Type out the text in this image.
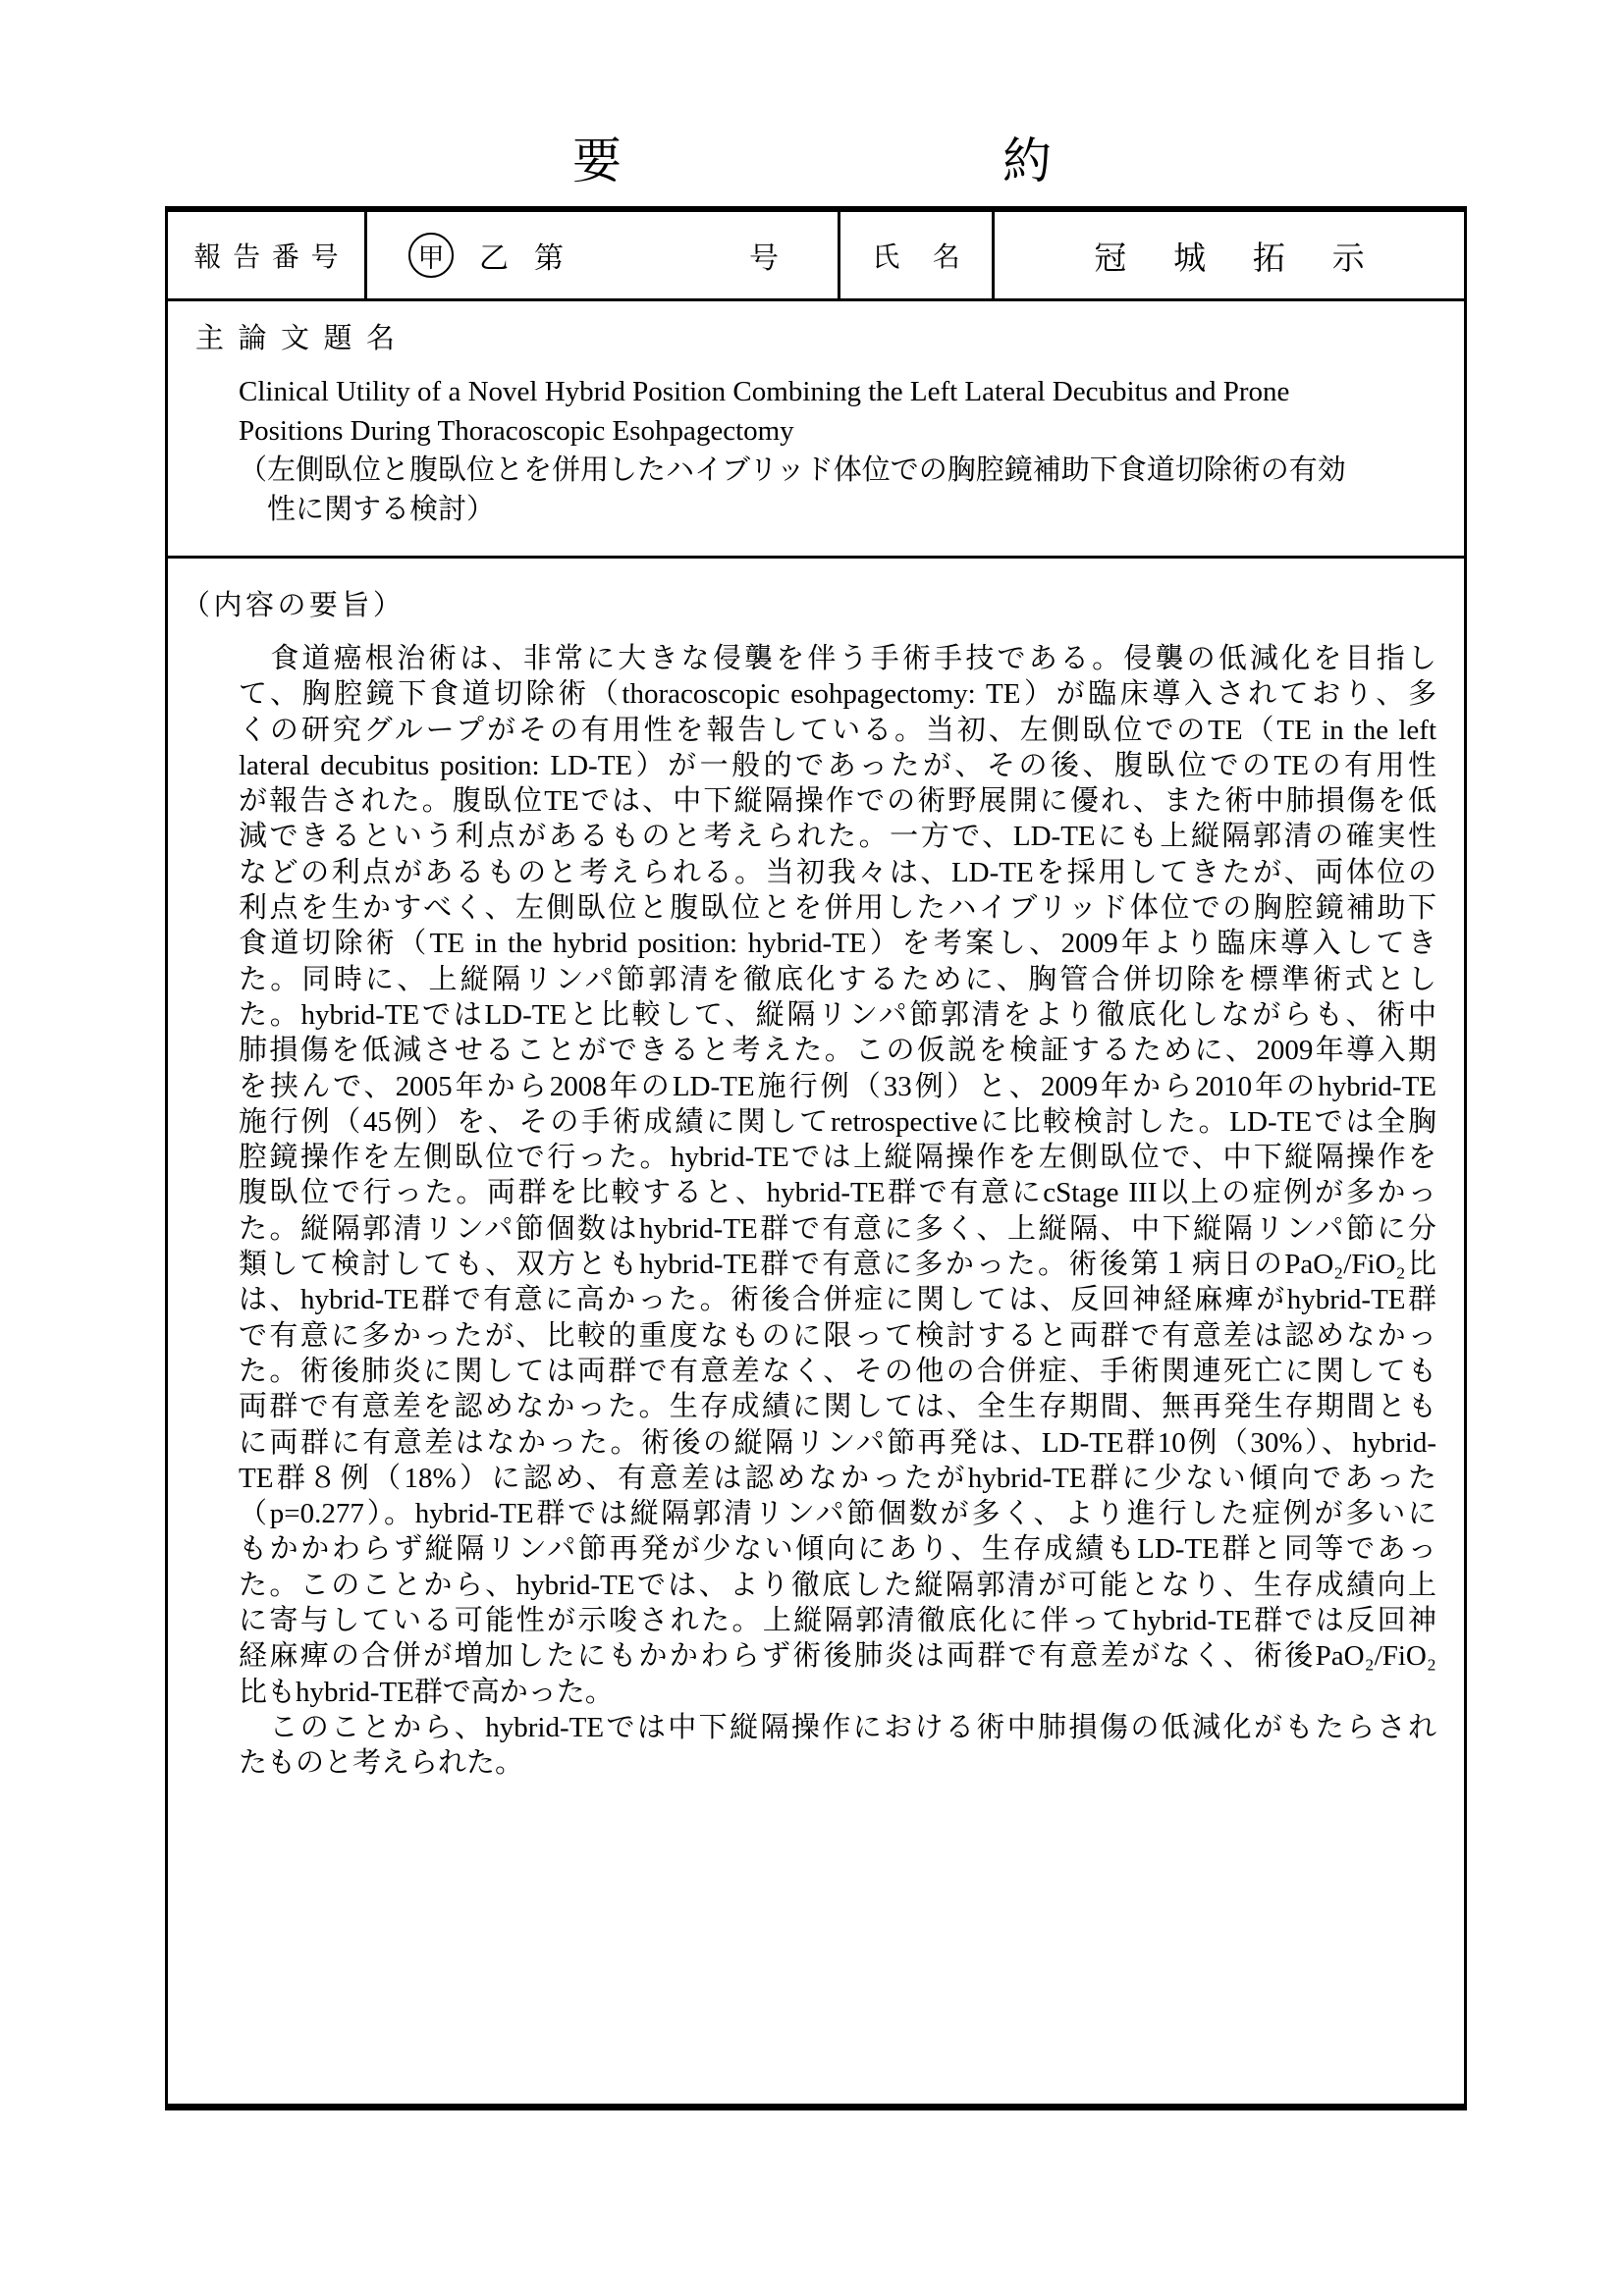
要	約
報告番号	甲 乙 第	号	氏名	冠城拓示
主論文題名
Clinical Utility of a Novel Hybrid Position Combining the Left Lateral Decubitus and Prone
Positions During Thoracoscopic Esohpagectomy
（左側臥位と腹臥位とを併用したハイブリッド体位での胸腔鏡補助下食道切除術の有効
性に関する検討）
（内容の要旨）
　食道癌根治術は、非常に大きな侵襲を伴う手術手技である。侵襲の低減化を目指し
て、胸腔鏡下食道切除術（thoracoscopic esohpagectomy: TE）が臨床導入されており、多
くの研究グループがその有用性を報告している。当初、左側臥位でのTE（TE in the left
lateral decubitus position: LD-TE）が一般的であったが、その後、腹臥位でのTEの有用性
が報告された。腹臥位TEでは、中下縦隔操作での術野展開に優れ、また術中肺損傷を低
減できるという利点があるものと考えられた。一方で、LD-TEにも上縦隔郭清の確実性
などの利点があるものと考えられる。当初我々は、LD-TEを採用してきたが、両体位の
利点を生かすべく、左側臥位と腹臥位とを併用したハイブリッド体位での胸腔鏡補助下
食道切除術（TE in the hybrid position: hybrid-TE）を考案し、2009年より臨床導入してき
た。同時に、上縦隔リンパ節郭清を徹底化するために、胸管合併切除を標準術式とし
た。hybrid-TEではLD-TEと比較して、縦隔リンパ節郭清をより徹底化しながらも、術中
肺損傷を低減させることができると考えた。この仮説を検証するために、2009年導入期
を挟んで、2005年から2008年のLD-TE施行例（33例）と、2009年から2010年のhybrid-TE
施行例（45例）を、その手術成績に関してretrospectiveに比較検討した。LD-TEでは全胸
腔鏡操作を左側臥位で行った。hybrid-TEでは上縦隔操作を左側臥位で、中下縦隔操作を
腹臥位で行った。両群を比較すると、hybrid-TE群で有意にcStage III以上の症例が多かっ
た。縦隔郭清リンパ節個数はhybrid-TE群で有意に多く、上縦隔、中下縦隔リンパ節に分
類して検討しても、双方ともhybrid-TE群で有意に多かった。術後第１病日のPaO₂/FiO₂比
は、hybrid-TE群で有意に高かった。術後合併症に関しては、反回神経麻痺がhybrid-TE群
で有意に多かったが、比較的重度なものに限って検討すると両群で有意差は認めなかっ
た。術後肺炎に関しては両群で有意差なく、その他の合併症、手術関連死亡に関しても
両群で有意差を認めなかった。生存成績に関しては、全生存期間、無再発生存期間とも
に両群に有意差はなかった。術後の縦隔リンパ節再発は、LD-TE群10例（30%）、hybrid-
TE群８例（18%）に認め、有意差は認めなかったがhybrid-TE群に少ない傾向であった
（p=0.277）。hybrid-TE群では縦隔郭清リンパ節個数が多く、より進行した症例が多いに
もかかわらず縦隔リンパ節再発が少ない傾向にあり、生存成績もLD-TE群と同等であっ
た。このことから、hybrid-TEでは、より徹底した縦隔郭清が可能となり、生存成績向上
に寄与している可能性が示唆された。上縦隔郭清徹底化に伴ってhybrid-TE群では反回神
経麻痺の合併が増加したにもかかわらず術後肺炎は両群で有意差がなく、術後PaO₂/FiO₂
比もhybrid-TE群で高かった。
　このことから、hybrid-TEでは中下縦隔操作における術中肺損傷の低減化がもたらされ
たものと考えられた。
